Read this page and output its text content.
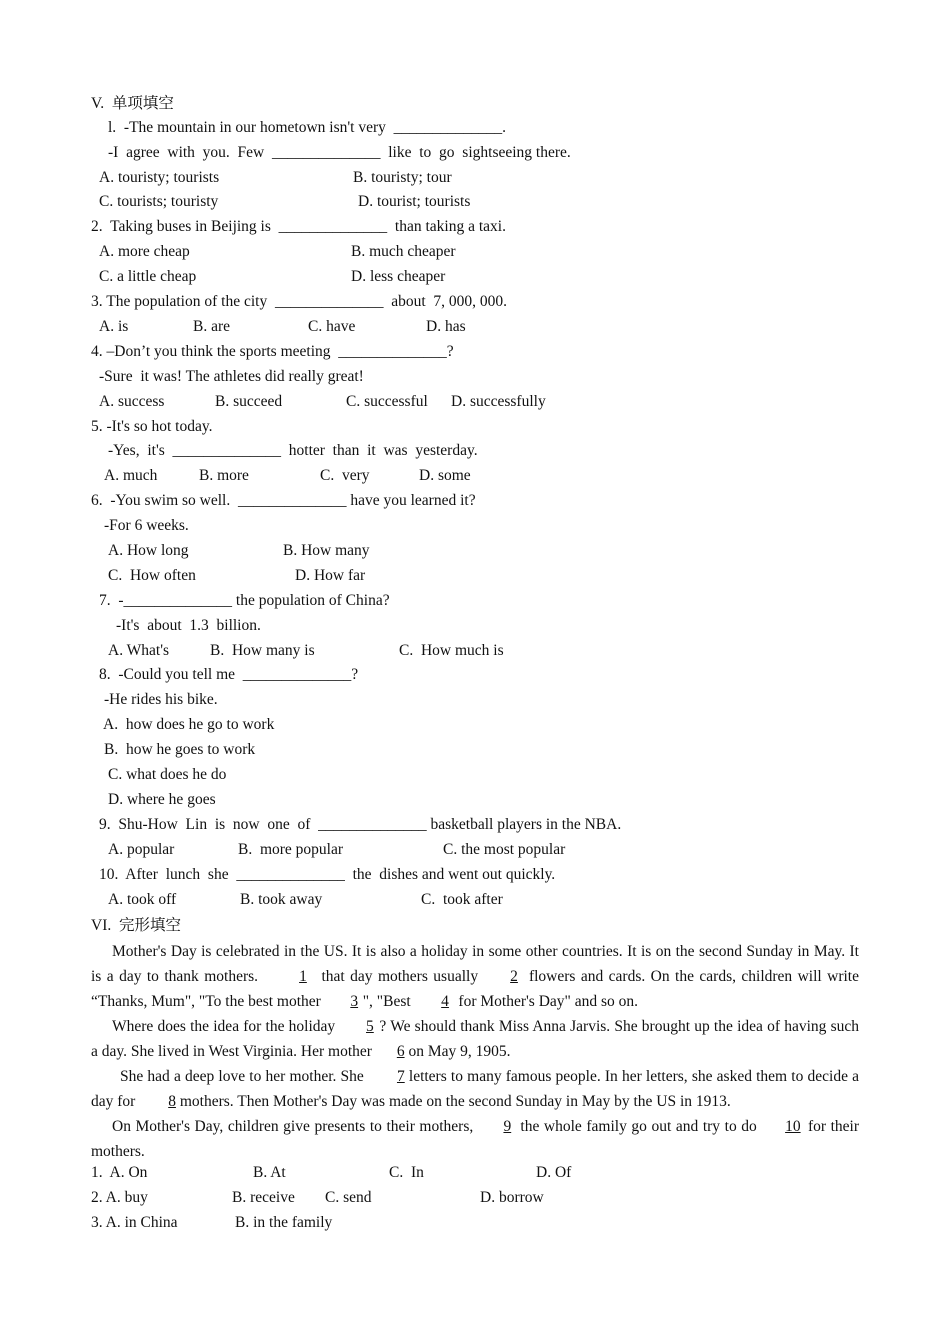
V.  单项填空
l.  -The mountain in our hometown isn't very  ______________.
-I  agree  with  you.  Few  ______________  like  to  go  sightseeing there.
A. touristy; tourists	B. touristy; tour
C. tourists; touristy	D. tourist; tourists
2.  Taking buses in Beijing is  ______________  than taking a taxi.
A. more cheap	B. much cheaper
C. a little cheap	D. less cheaper
3. The population of the city  ______________  about  7, 000, 000.
A. is	B. are	C. have	D. has
4. –Don’t you think the sports meeting  ______________?
-Sure  it was! The athletes did really great!
A. success	B. succeed	C. successful D. successfully
5. -It's so hot today.
-Yes,  it's  ______________  hotter  than  it  was  yesterday.
A. much	B. more	C.  very	D. some
6.  -You swim so well.  ______________ have you learned it?
-For 6 weeks.
A. How long	B. How many
C.  How often	D. How far
7.  -______________ the population of China?
-It's  about  1.3  billion.
A. What's	B.  How many is	C.  How much is
8.  -Could you tell me  ______________?
-He rides his bike.
A.  how does he go to work
B.  how he goes to work
C. what does he do
D. where he goes
9.  Shu-How  Lin  is  now  one  of  ______________ basketball players in the NBA.
A. popular	B.  more popular	C. the most popular
10.  After  lunch  she  ______________  the  dishes and went out quickly.
A. took off	B. took away	C.  took after
VI.  完形填空
Mother's Day is celebrated in the US. It is also a holiday in some other countries. It is on the second Sunday in May. It is a day to thank mothers. 1 that day mothers usually 2 flowers and cards. On the cards, children will write “Thanks, Mum", "To the best mother 3 ", "Best 4 for Mother's Day" and so on.
Where does the idea for the holiday 5 ? We should thank Miss Anna Jarvis. She brought up the idea of having such a day. She lived in West Virginia. Her mother 6 on May 9, 1905.
She had a deep love to her mother. She 7 letters to many famous people. In her letters, she asked them to decide a day for 8 mothers. Then Mother's Day was made on the second Sunday in May by the US in 1913.
On Mother's Day, children give presents to their mothers, 9 the whole family go out and try to do 10 for their mothers.
1.  A. On	B. At	C.  In	D. Of
2. A. buy	B. receive C. send	D. borrow
3. A. in China	B. in the family
